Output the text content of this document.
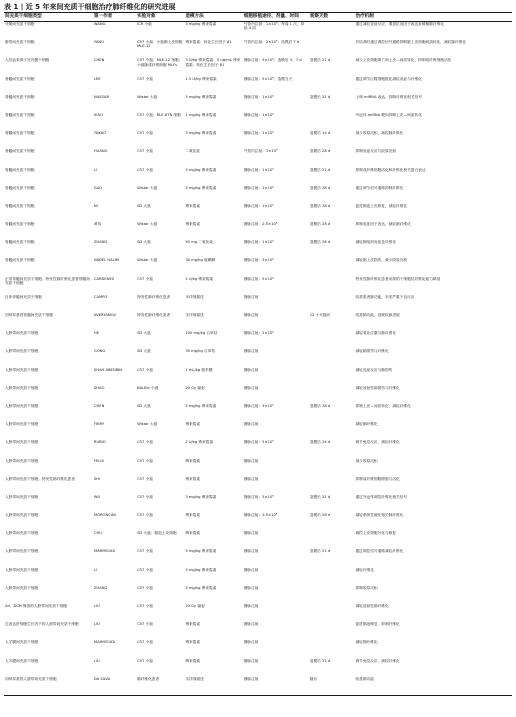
表 1 | 近 5 年来间充质干细胞治疗肺纤维化的研究进展
间充质干细胞类型	第一作者	实验对象	造模方法	细胞移植途径、剂量、时间	观察天数	治疗机制

牙龈间充质干细胞	WANG	ICR 小鼠	5 mg/kg 博来霉素	气管内注射：1×10⁶；每周 1 次，持续 4 周		通过减轻炎症反应，增加抗炎因子表达来缓解肺纤维化

脐带间充质干细胞	YANG	C57 小鼠；小鼠肺上皮细胞 MLE-12	博来霉素；转化生长因子 β1	气管内注射：2×10⁵；造模后 7 d		共培养时通过调控信号通路抑制肺上皮细胞间质转化，减轻肺纤维化

人经血来源子宫内膜干细胞	CHEN	C57 小鼠；MLE-12 细胞；小鼠肺成纤维细胞 MLFs	3 U/kg 博来霉素；5 ng/mL 博来霉素；转化生长因子 β1	静脉注射：5×10⁵；造模后 3、7 d	造模后 21 d	减少上皮细胞凋亡和上皮—间质转化，抑制成纤维细胞活化

骨髓间充质干细胞	LEE	C57 小鼠	1.5 U/kg 博来霉素	静脉注射：5×10⁵；造模当天		通过调节巨噬细胞极化减轻炎症与纤维化

骨髓间充质干细胞	NASSAR	Wistar 大鼠	5 mg/kg 博来霉素	静脉注射：1×10⁶	造模后 21 d	上调 miRNA 表达，抑制纤维化相关信号

骨髓间充质干细胞	XIAO	C57 小鼠；RLE-6TN 细胞	1 mg/kg 博来霉素	静脉注射：1×10⁶		外泌体 miRNA 靶向抑制上皮—间质转化

骨髓间充质干细胞	TAKAO	C57 小鼠	3 mg/kg 博来霉素	静脉注射：1×10⁶	造模后 14 d	减少胶原沉积，减轻肺纤维化

骨髓间充质干细胞	HUANG	C57 小鼠	二氧化硅	气管内注射：1×10⁶	造模后 28 d	抑制炎症反应与胶原沉积

骨髓间充质干细胞	LI	C57 小鼠	5 mg/kg 博来霉素	静脉注射：1×10⁶	造模后 21 d	抑制成纤维细胞活化和纤维化相关蛋白表达

骨髓间充质干细胞	GAO	Wistar 大鼠	5 mg/kg 博来霉素	静脉注射：1×10⁶	造模后 28 d	通过调节信号通路抑制纤维化

骨髓间充质干细胞	NI	SD 大鼠	博来霉素	静脉注射：1×10⁶	造模后 28 d	促进肺泡上皮修复，减轻纤维化

骨髓间充质干细胞	黄玮	Wistar 大鼠	博来霉素	静脉注射：2.5×10⁶	造模后 28 d	抑制炎症因子表达，减轻肺纤维化

骨髓间充质干细胞	ZHANG	SD 大鼠	50 mg 二氧化硅	静脉注射：1×10⁶	造模后 28 d	减轻肺组织炎症及纤维化

骨髓间充质干细胞	ABDEL HALIM	Wistar 大鼠	30 mg/kg 胺碘酮	静脉注射：3×10⁶		减轻肺上皮损伤，减少胶原沉积

正常骨髓间充质干细胞；特发性肺纤维化患者骨髓间充质干细胞	CÁRDENES	C57 小鼠	2 U/kg 博来霉素	静脉注射：5×10⁵		特发性肺纤维化患者来源的干细胞抗纤维化能力降低

自体骨髓间充质干细胞	CAMPO	特发性肺纤维化患者	未详细描述	静脉注射		改善患者肺功能，未见严重不良反应

同种异基因骨髓间充质干细胞	AVERYANOV	特发性肺纤维化患者	未详细描述	静脉注射	12 个月随访	改善肺功能，延缓疾病进展

人脐带间充质干细胞	HE	SD 大鼠	100 mg/kg 百草枯	静脉注射：2×10⁶		减轻氧化应激与肺纤维化

人脐带间充质干细胞	GONG	SD 大鼠	30 mg/kg 百草枯	静脉注射		减轻肺损伤与纤维化

人脐带间充质干细胞	SHAH ABEDBIN	C57 小鼠	1 mL/kg 脂多糖	静脉注射		减轻炎症反应与肺损伤

人脐带间充质干细胞	SHAO	BALB/c 小鼠	20 Gy 辐射	静脉注射		减轻放射性肺损伤与纤维化

人脐带间充质干细胞	CHEN	SD 大鼠	5 mg/kg 博来霉素	静脉注射：5×10⁶	造模后 28 d	抑制上皮—间质转化，减轻纤维化

人脐带间充质干细胞	FIKRY	Wistar 大鼠	博来霉素	静脉注射		减轻肺纤维化

人脐带间充质干细胞	RUBIO	C57 小鼠	2 U/kg 博来霉素	静脉注射：5×10⁵	造模后 24 d	调节免疫反应，减轻纤维化

人脐带间充质干细胞	FELIX	C57 小鼠	博来霉素	静脉注射		减少胶原沉积

人脐带间充质干细胞；特发性肺纤维化患者	SHI	C57 小鼠	博来霉素	静脉注射		抑制成纤维细胞增殖与活化

人脐带间充质干细胞	WU	C57 小鼠	3 mg/kg 博来霉素	静脉注射：5×10⁵	造模后 21 d	通过外泌体调控纤维化相关信号

人脐带间充质干细胞	MORONCINI	C57 小鼠	博来霉素	静脉注射：2.5×10⁵	造模后 28 d	减轻系统性硬化相关肺纤维化

人脐带间充质干细胞	CHU	SD 大鼠；肺泡上皮细胞	博来霉素	静脉注射		调控上皮细胞分化与修复

人脐带间充质干细胞	MAHMOUDI	C57 小鼠	5 mg/kg 博来霉素	静脉注射	造模后 21 d	通过调控信号通路减轻纤维化

人脐带间充质干细胞	LI	C57 小鼠	5 mg/kg 博来霉素	静脉注射		减轻纤维化

人脐带间充质干细胞	ZHANG	C57 小鼠	5 mg/kg 博来霉素	静脉注射		抑制胶原沉积

Ad、DCN 修饰的人脐带间充质干细胞	LIU	C57 小鼠	20 Gy 辐射	静脉注射		减轻放射性肺纤维化

过表达肝细胞生长因子的人脐带间充质干细胞	LIU	C57 小鼠	博来霉素	静脉注射		促进肺泡修复，抑制纤维化

人羊膜间充质干细胞	MAHMOUDI	C57 小鼠	博来霉素	静脉注射		减轻肺纤维化

人羊膜间充质干细胞	LIU	C57 小鼠	博来霉素	静脉注射	造模后 21 d	调节免疫反应，减轻纤维化

同种异基因人脐带间充质干细胞	DA SILVA	肺纤维化患者	未详细描述	静脉注射	随访	改善肺功能
